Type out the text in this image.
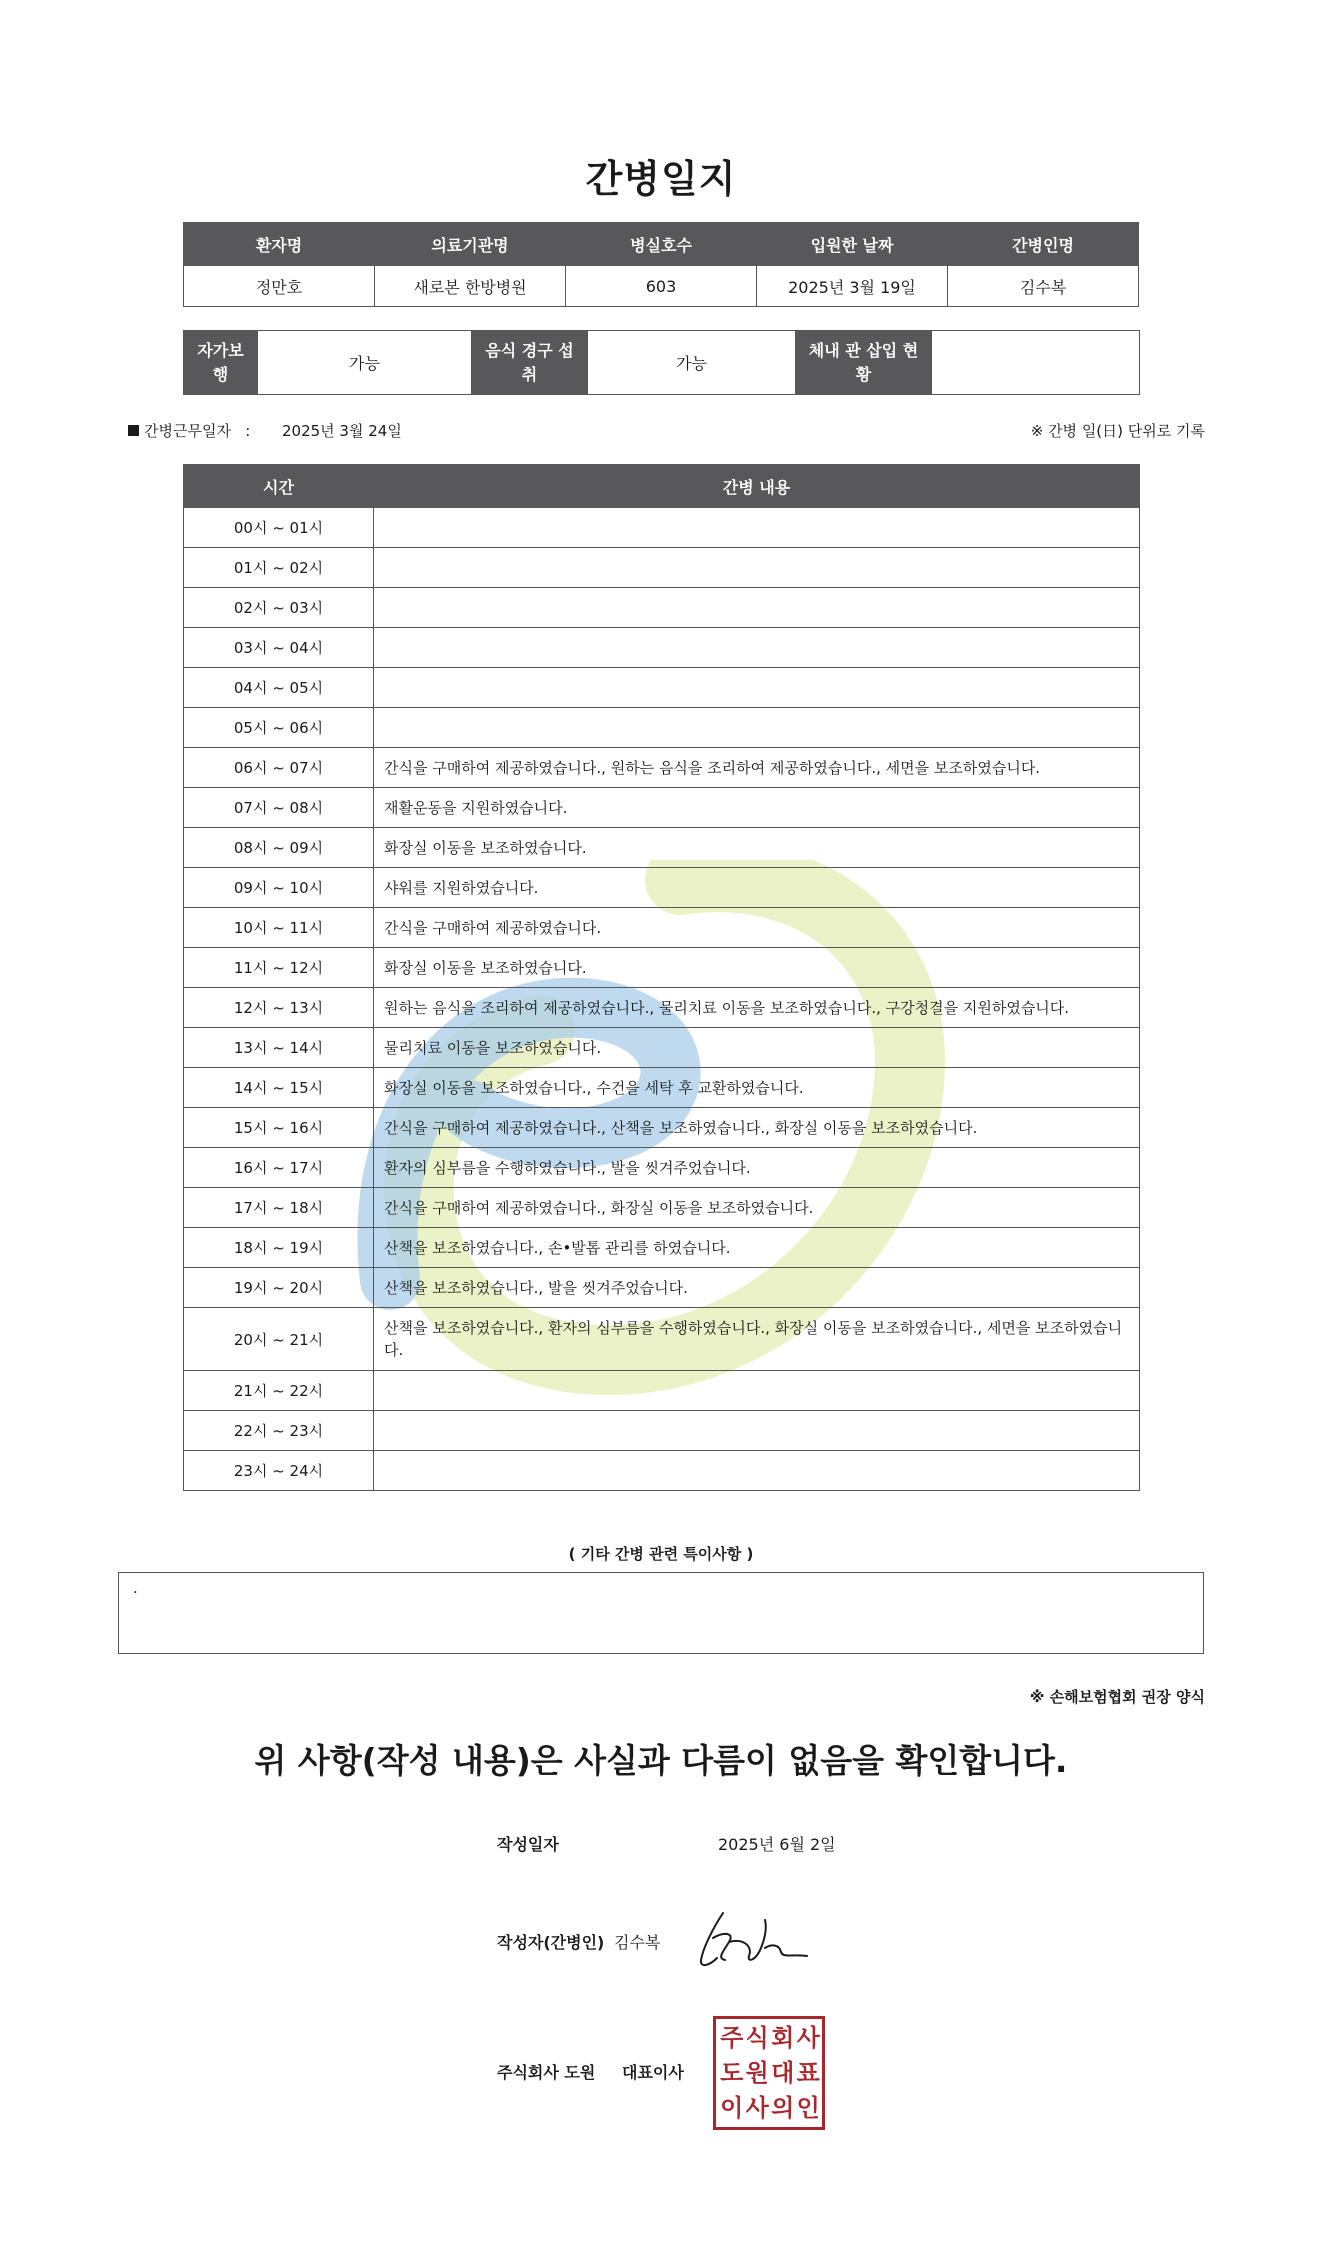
간병일지
환자명	의료기관명	병실호수	입원한 날짜	간병인명
정만호	새로본 한방병원	603	2025년 3월 19일	김수복
자가보행	가능	음식 경구 섭취	가능	체내 관 삽입 현황	
간병근무일자 : 2025년 3월 24일	※ 간병 일(日) 단위로 기록
시간	간병 내용
00시 ~ 01시	
01시 ~ 02시	
02시 ~ 03시	
03시 ~ 04시	
04시 ~ 05시	
05시 ~ 06시	
06시 ~ 07시	간식을 구매하여 제공하였습니다., 원하는 음식을 조리하여 제공하였습니다., 세면을 보조하였습니다.
07시 ~ 08시	재활운동을 지원하였습니다.
08시 ~ 09시	화장실 이동을 보조하였습니다.
09시 ~ 10시	샤워를 지원하였습니다.
10시 ~ 11시	간식을 구매하여 제공하였습니다.
11시 ~ 12시	화장실 이동을 보조하였습니다.
12시 ~ 13시	원하는 음식을 조리하여 제공하였습니다., 물리치료 이동을 보조하였습니다., 구강청결을 지원하였습니다.
13시 ~ 14시	물리치료 이동을 보조하였습니다.
14시 ~ 15시	화장실 이동을 보조하였습니다., 수건을 세탁 후 교환하였습니다.
15시 ~ 16시	간식을 구매하여 제공하였습니다., 산책을 보조하였습니다., 화장실 이동을 보조하였습니다.
16시 ~ 17시	환자의 심부름을 수행하였습니다., 발을 씻겨주었습니다.
17시 ~ 18시	간식을 구매하여 제공하였습니다., 화장실 이동을 보조하였습니다.
18시 ~ 19시	산책을 보조하였습니다., 손•발톱 관리를 하였습니다.
19시 ~ 20시	산책을 보조하였습니다., 발을 씻겨주었습니다.
20시 ~ 21시	산책을 보조하였습니다., 환자의 심부름을 수행하였습니다., 화장실 이동을 보조하였습니다., 세면을 보조하였습니다.
21시 ~ 22시	
22시 ~ 23시	
23시 ~ 24시	
( 기타 간병 관련 특이사항 )
.
※ 손해보험협회 권장 양식
위 사항(작성 내용)은 사실과 다름이 없음을 확인합니다.
작성일자	2025년 6월 2일
작성자(간병인) 김수복
주식회사 도원 대표이사
주 식 회 사
도 원 대 표
이 사 의 인
